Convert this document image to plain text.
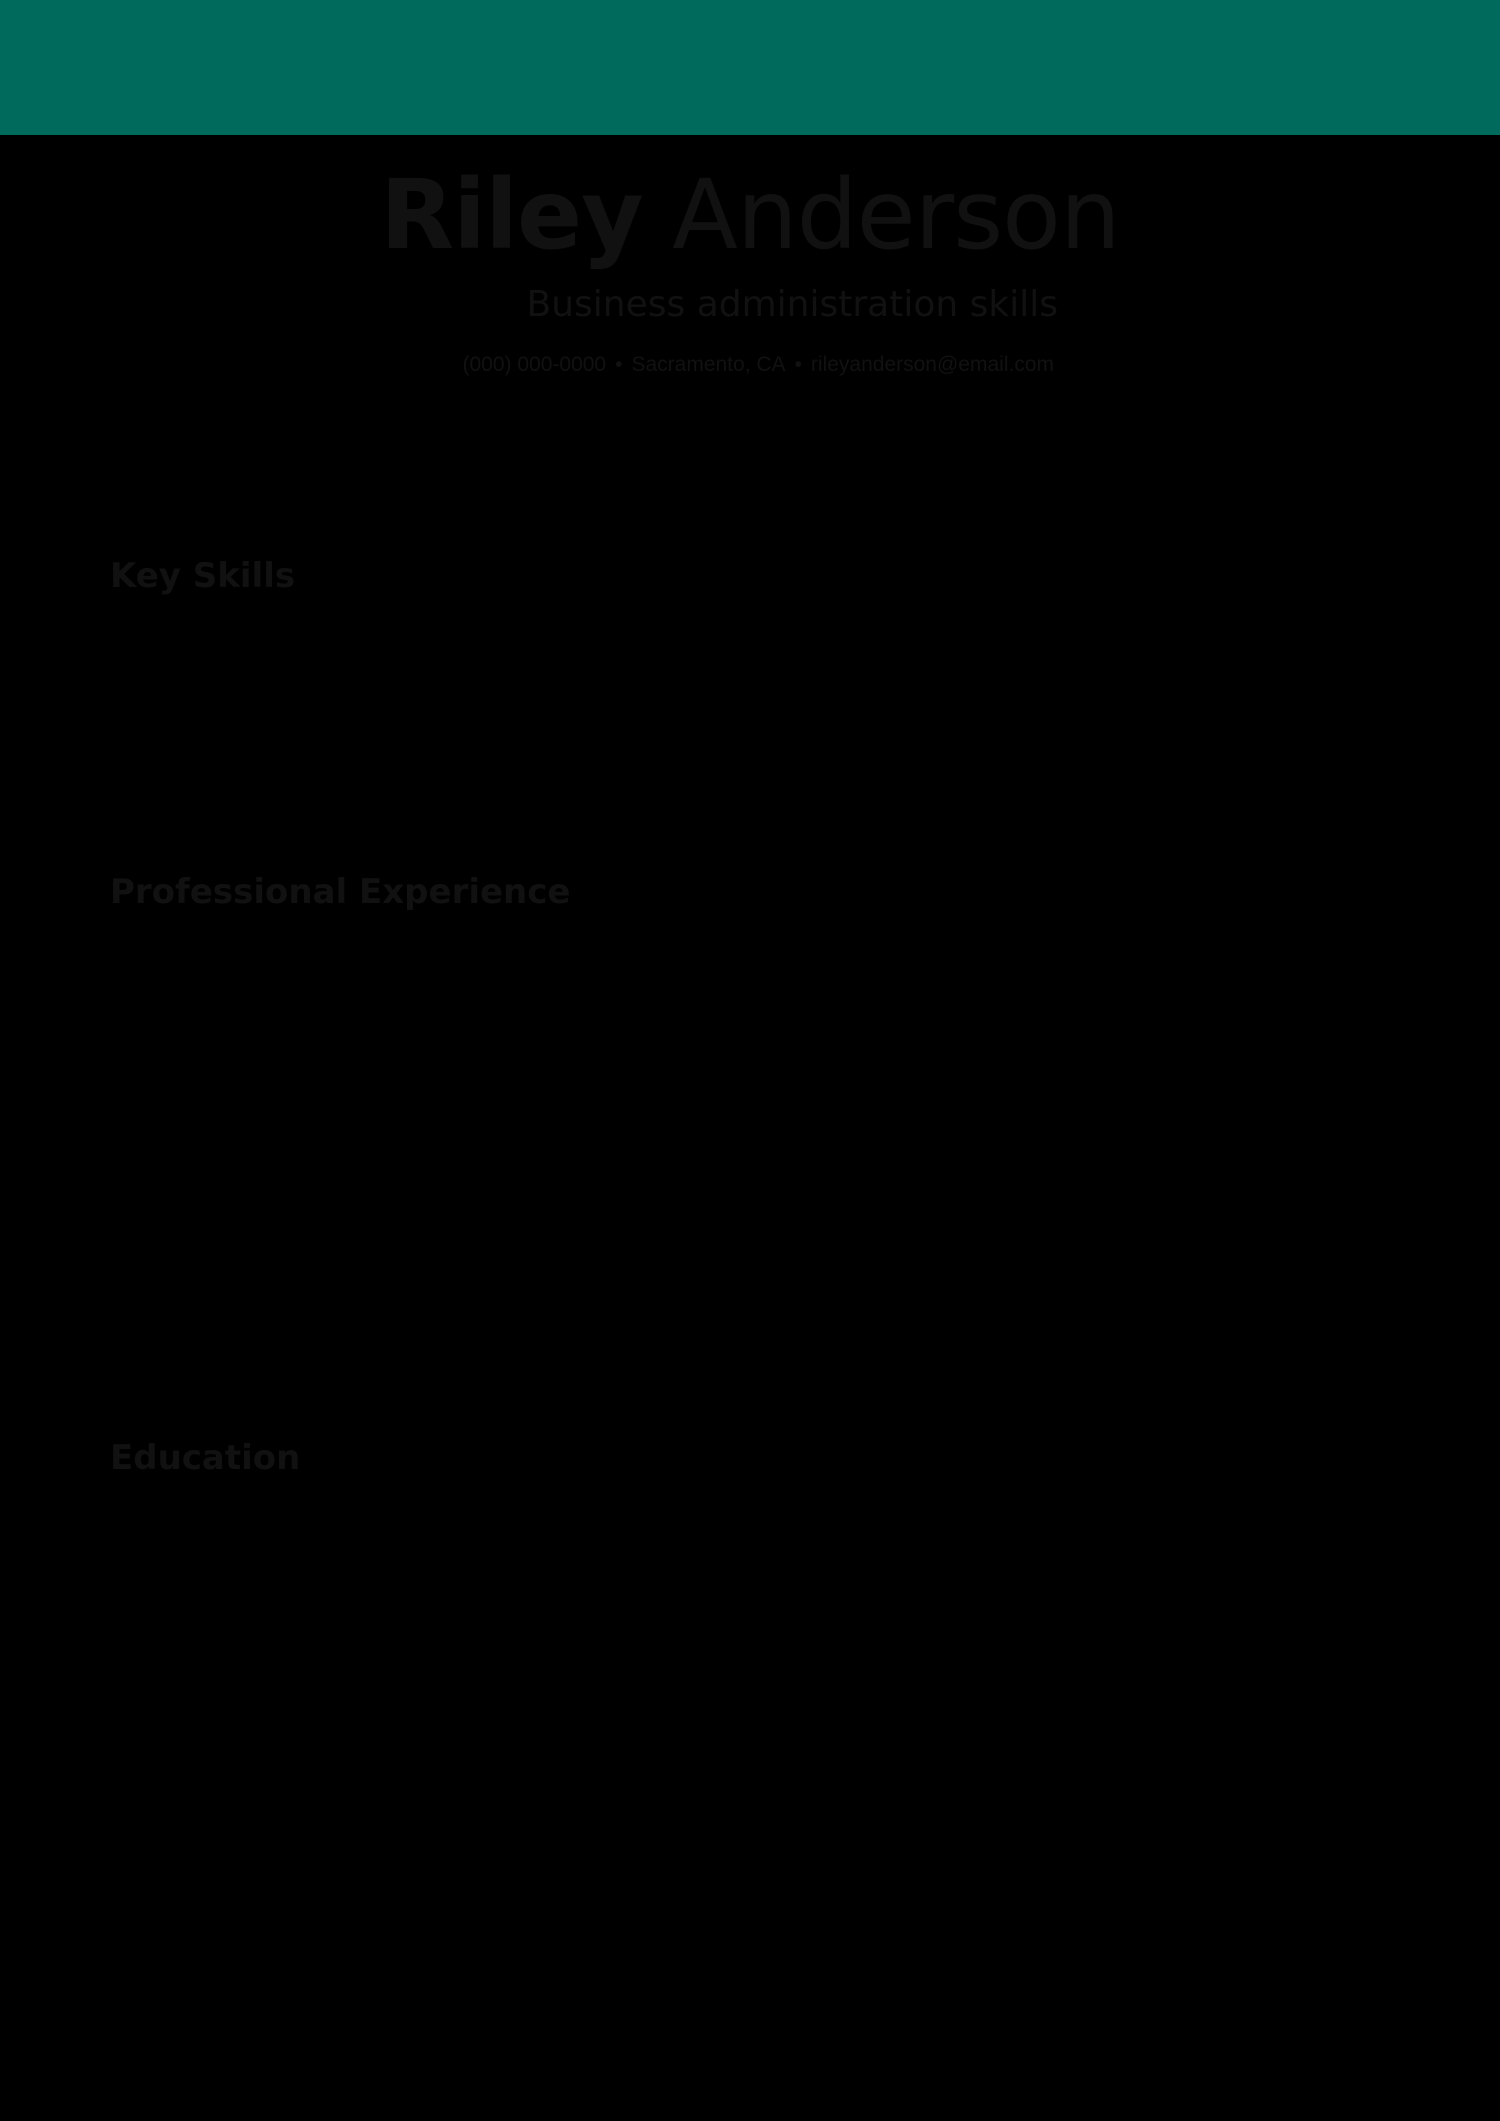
Riley Anderson
Business administration skills
(000) 000-0000 • Sacramento, CA • rileyanderson@email.com
Key Skills
Professional Experience
Education
